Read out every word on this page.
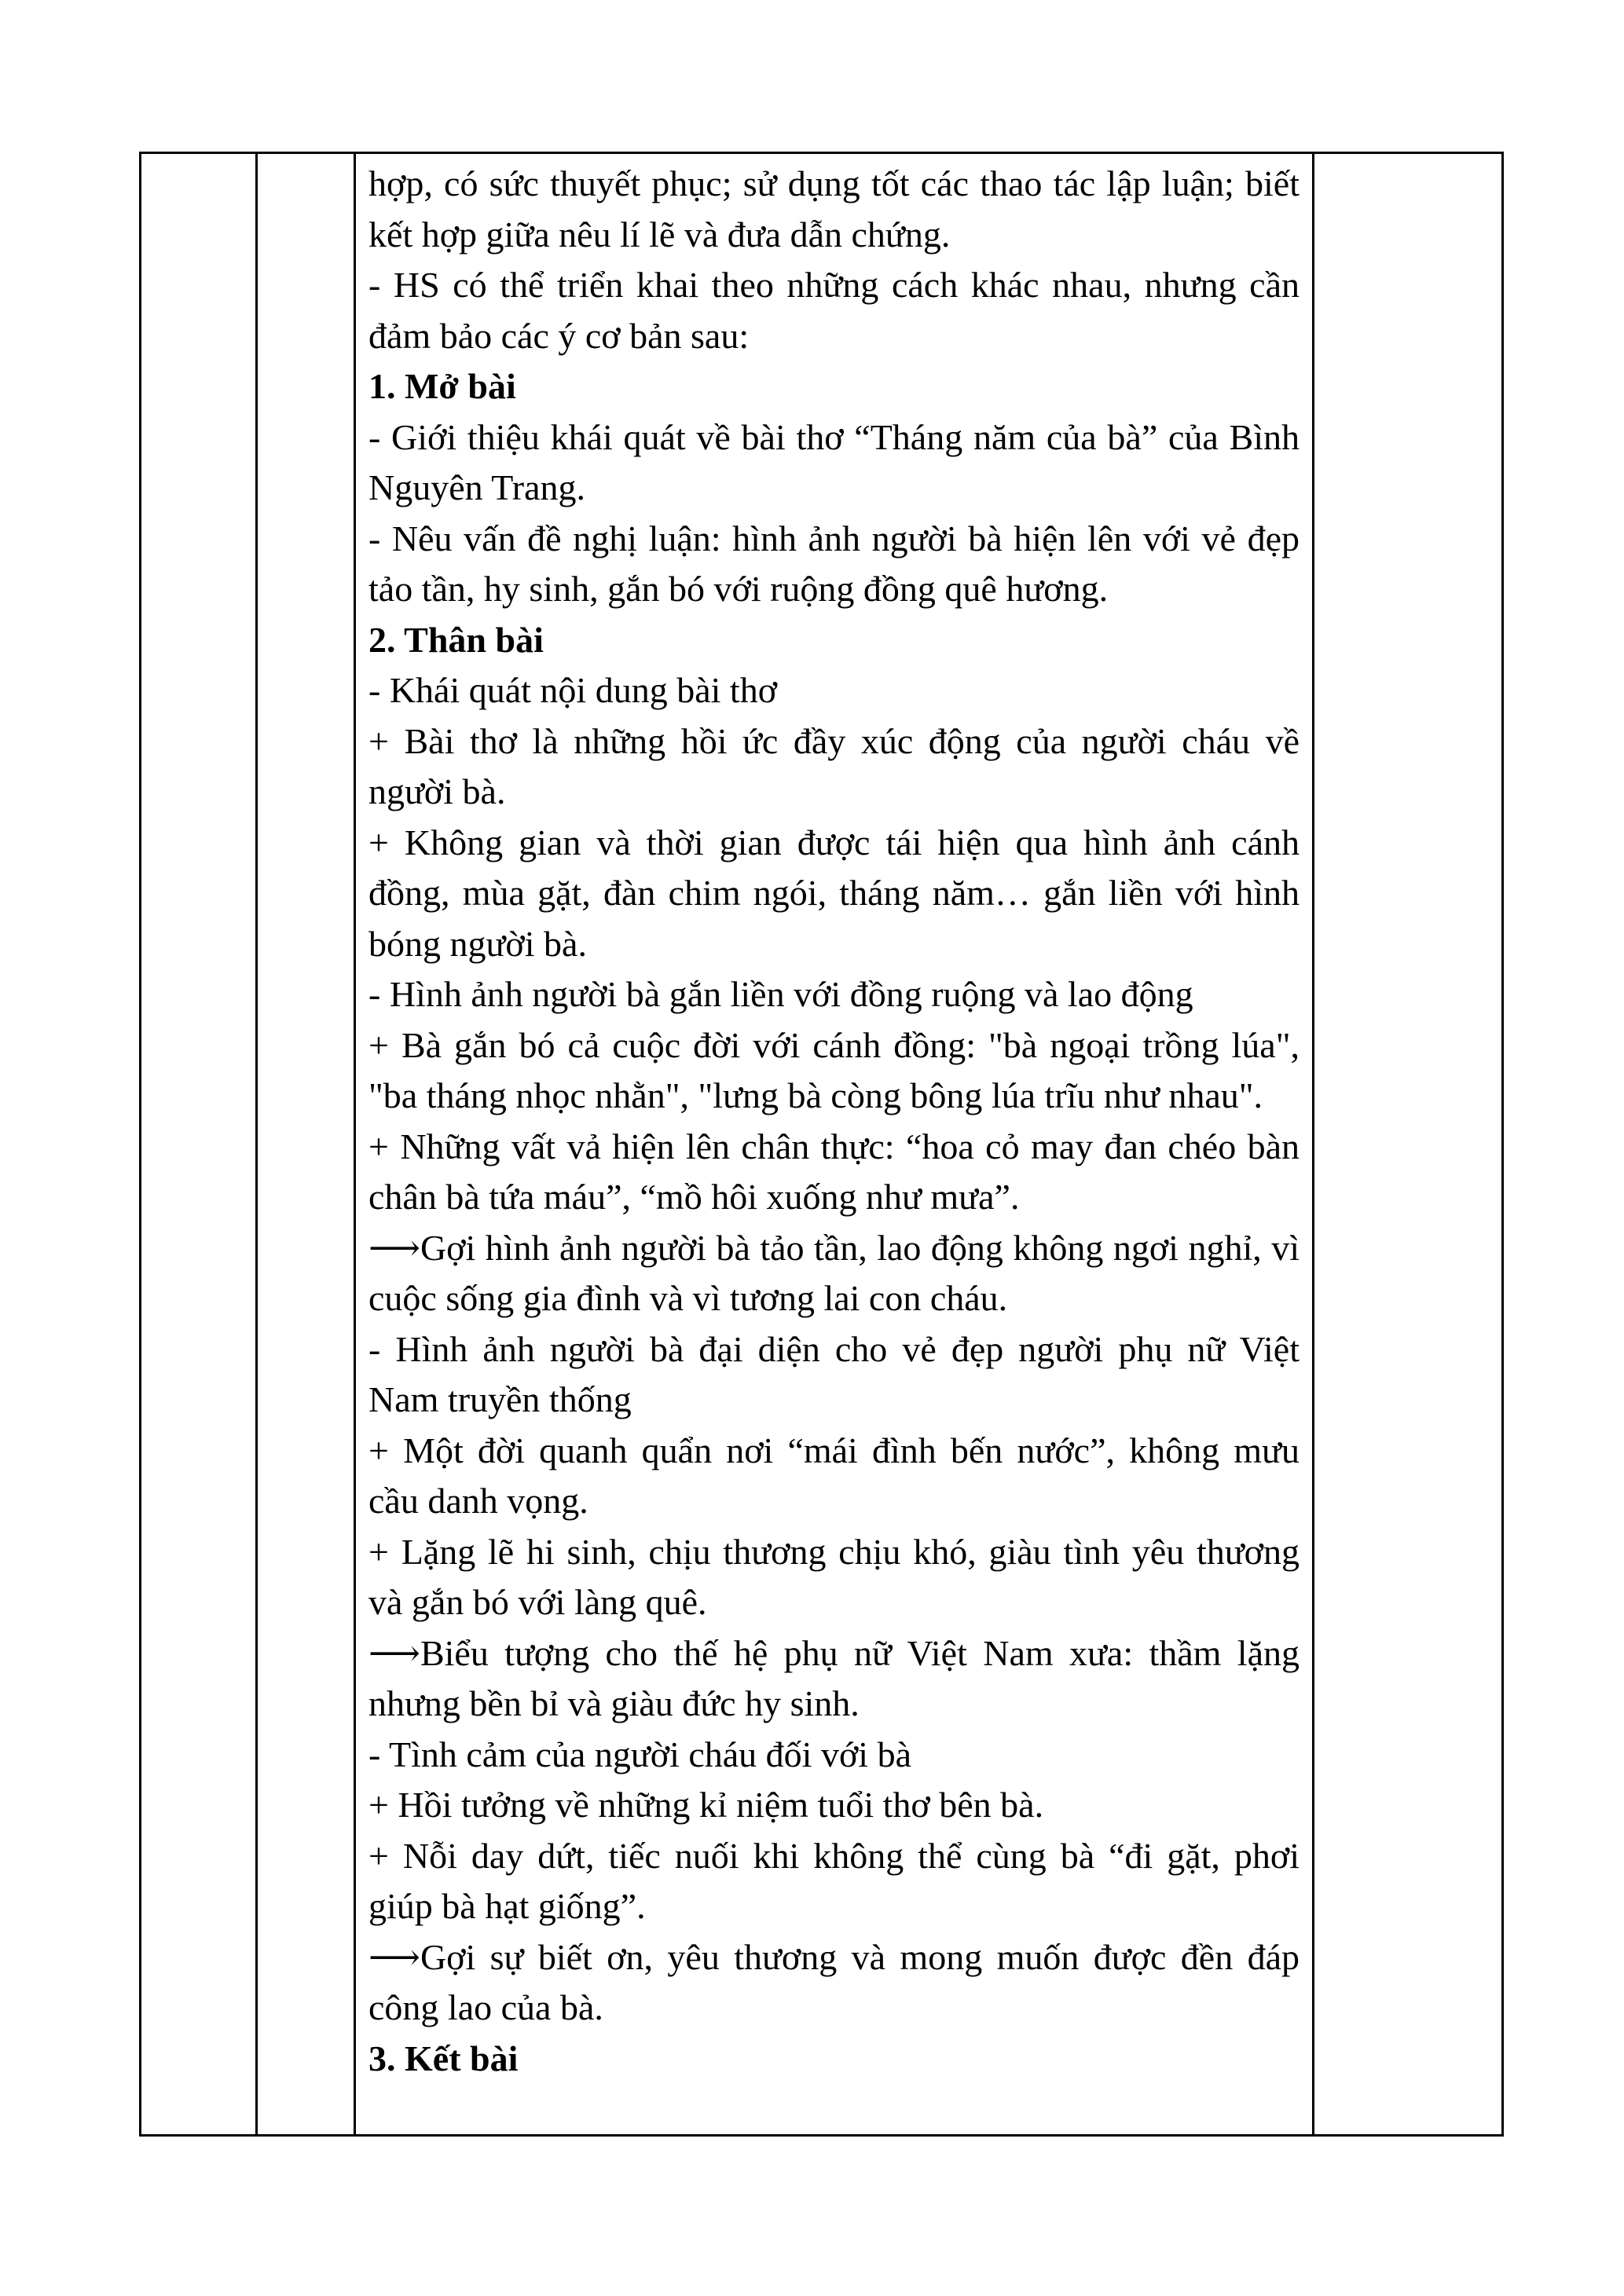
hợp, có sức thuyết phục; sử dụng tốt các thao tác lập luận; biết kết hợp giữa nêu lí lẽ và đưa dẫn chứng.
- HS có thể triển khai theo những cách khác nhau, nhưng cần đảm bảo các ý cơ bản sau:
1. Mở bài
- Giới thiệu khái quát về bài thơ “Tháng năm của bà” của Bình Nguyên Trang.
- Nêu vấn đề nghị luận: hình ảnh người bà hiện lên với vẻ đẹp tảo tần, hy sinh, gắn bó với ruộng đồng quê hương.
2. Thân bài
- Khái quát nội dung bài thơ
+ Bài thơ là những hồi ức đầy xúc động của người cháu về người bà.
+ Không gian và thời gian được tái hiện qua hình ảnh cánh đồng, mùa gặt, đàn chim ngói, tháng năm… gắn liền với hình bóng người bà.
- Hình ảnh người bà gắn liền với đồng ruộng và lao động
+ Bà gắn bó cả cuộc đời với cánh đồng: "bà ngoại trồng lúa", "ba tháng nhọc nhằn", "lưng bà còng bông lúa trĩu như nhau".
+ Những vất vả hiện lên chân thực: “hoa cỏ may đan chéo bàn chân bà tứa máu”, “mồ hôi xuống như mưa”.
⟶Gợi hình ảnh người bà tảo tần, lao động không ngơi nghỉ, vì cuộc sống gia đình và vì tương lai con cháu.
- Hình ảnh người bà đại diện cho vẻ đẹp người phụ nữ Việt Nam truyền thống
+ Một đời quanh quẩn nơi “mái đình bến nước”, không mưu cầu danh vọng.
+ Lặng lẽ hi sinh, chịu thương chịu khó, giàu tình yêu thương và gắn bó với làng quê.
⟶Biểu tượng cho thế hệ phụ nữ Việt Nam xưa: thầm lặng nhưng bền bỉ và giàu đức hy sinh.
- Tình cảm của người cháu đối với bà
+ Hồi tưởng về những kỉ niệm tuổi thơ bên bà.
+ Nỗi day dứt, tiếc nuối khi không thể cùng bà “đi gặt, phơi giúp bà hạt giống”.
⟶Gợi sự biết ơn, yêu thương và mong muốn được đền đáp công lao của bà.
3. Kết bài
